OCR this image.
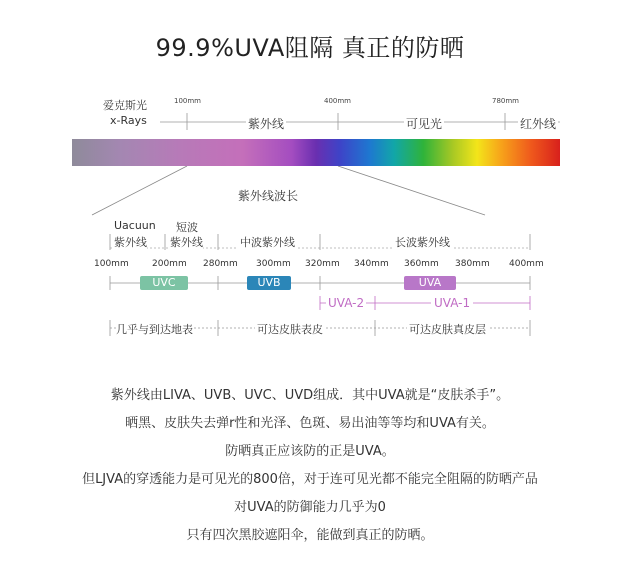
99.9%UVA阻隔 真正的防晒
爱克斯光
x-Rays
100mm	400mm	780mm
紫外线	可见光	红外线
紫外线波长
Uacuun
紫外线
短波
紫外线	中波紫外线	长波紫外线
100mm	200mm 280mm 300mm 320mm 340mm 360mm 380mm 400mm
UVC	UVB	UVA
UVA-2	UVA-1
几乎与到达地表	可达皮肤表皮	可达皮肤真皮层
紫外线由LIVA、UVB、UVC、UVD组成．其中UVA就是“皮肤杀手”。
晒黑、皮肤失去弹r性和光泽、色斑、易出油等等均和UVA有关。
防晒真正应该防的正是UVA。
但LJVA的穿透能力是可见光的800倍，对于连可见光都不能完全阻隔的防晒产品
对UVA的防御能力几乎为0
只有四次黑胶遮阳伞，能做到真正的防晒。
